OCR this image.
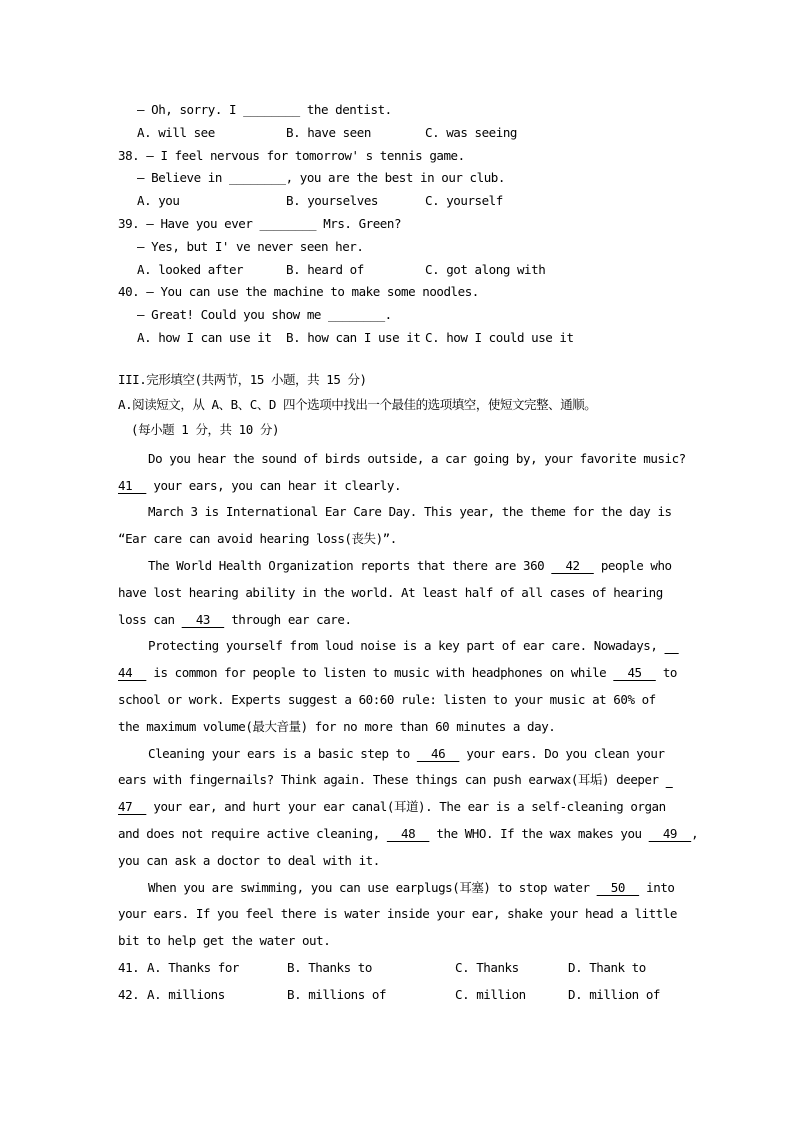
— Oh, sorry. I ________ the dentist.
A. will see	B. have seen	C. was seeing
38. — I feel nervous for tomorrow' s tennis game.
— Believe in ________, you are the best in our club.
A. you	B. yourselves	C. yourself
39. — Have you ever ________ Mrs. Green?
— Yes, but I' ve never seen her.
A. looked after	B. heard of	C. got along with
40. — You can use the machine to make some noodles.
— Great! Could you show me ________.
A. how I can use it B. how can I use it C. how I could use it
III.完形填空(共两节，15 小题，共 15 分)
A.阅读短文，从 A、B、C、D 四个选项中找出一个最佳的选项填空，使短文完整、通顺。
(每小题 1 分，共 10 分)
Do you hear the sound of birds outside, a car going by, your favorite music?
41   your ears, you can hear it clearly.
March 3 is International Ear Care Day. This year, the theme for the day is
“Ear care can avoid hearing loss(丧失)”.
The World Health Organization reports that there are 360   42   people who
have lost hearing ability in the world. At least half of all cases of hearing
loss can   43   through ear care.
Protecting yourself from loud noise is a key part of ear care. Nowadays,
44   is common for people to listen to music with headphones on while   45   to
school or work. Experts suggest a 60:60 rule: listen to your music at 60% of
the maximum volume(最大音量) for no more than 60 minutes a day.
Cleaning your ears is a basic step to   46   your ears. Do you clean your
ears with fingernails? Think again. These things can push earwax(耳垢) deeper
47   your ear, and hurt your ear canal(耳道). The ear is a self-cleaning organ
and does not require active cleaning,   48   the WHO. If the wax makes you   49  ,
you can ask a doctor to deal with it.
When you are swimming, you can use earplugs(耳塞) to stop water   50   into
your ears. If you feel there is water inside your ear, shake your head a little
bit to help get the water out.
41. A. Thanks for	B. Thanks to	C. Thanks	D. Thank to
42. A. millions	B. millions of	C. million	D. million of
